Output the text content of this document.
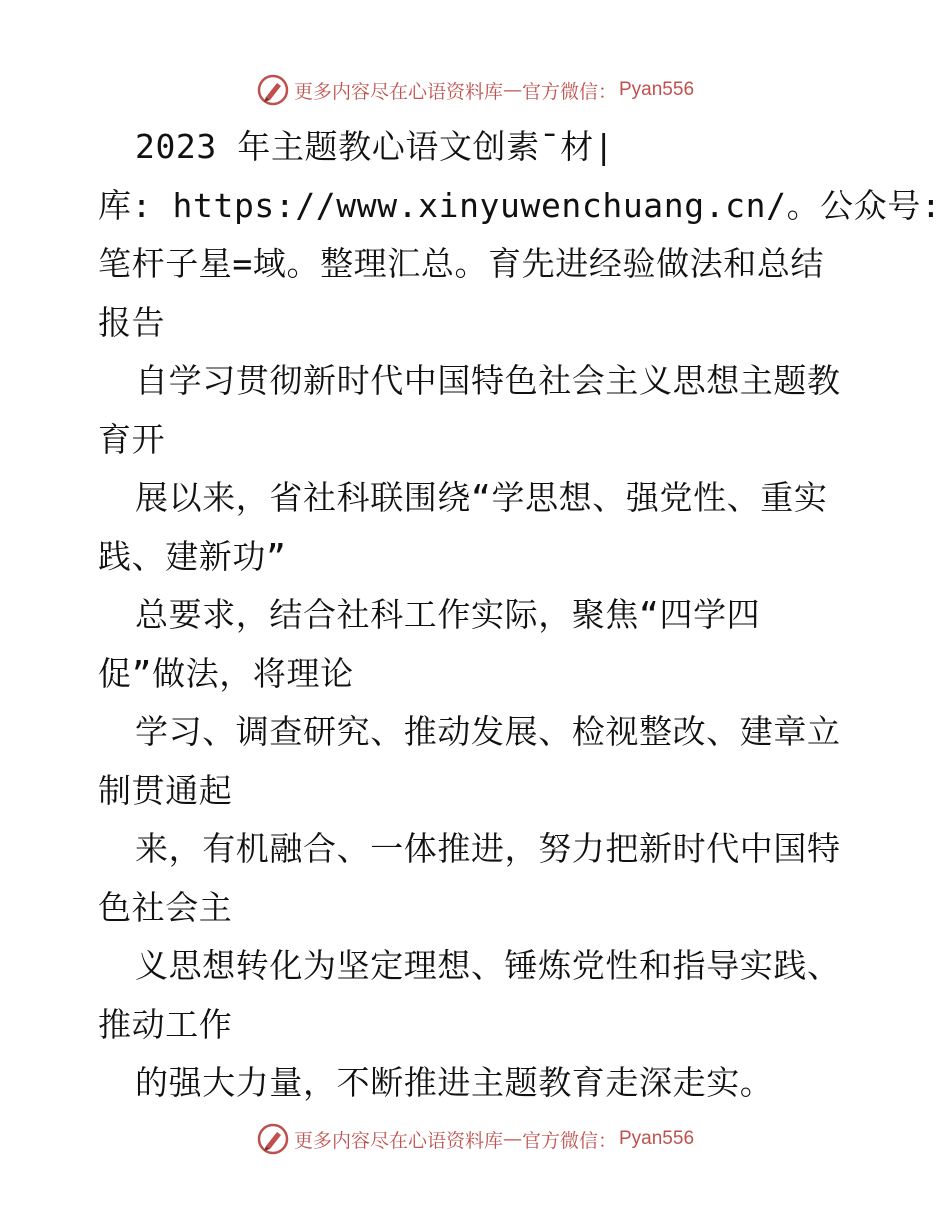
更多内容尽在心语资料库 — 官方微信： Pyan556
2023 年主题教心语文创素¯材|
库: https://www.xinyuwenchuang.cn/。公众号:
笔杆子星=域。整理汇总。育先进经验做法和总结
报告
自学习贯彻新时代中国特色社会主义思想主题教
育开
展以来，省社科联围绕“学思想、强党性、重实
践、建新功”
总要求，结合社科工作实际，聚焦“四学四
促”做法，将理论
学习、调查研究、推动发展、检视整改、建章立
制贯通起
来，有机融合、一体推进，努力把新时代中国特
色社会主
义思想转化为坚定理想、锤炼党性和指导实践、
推动工作
的强大力量，不断推进主题教育走深走实。
更多内容尽在心语资料库 — 官方微信： Pyan556
